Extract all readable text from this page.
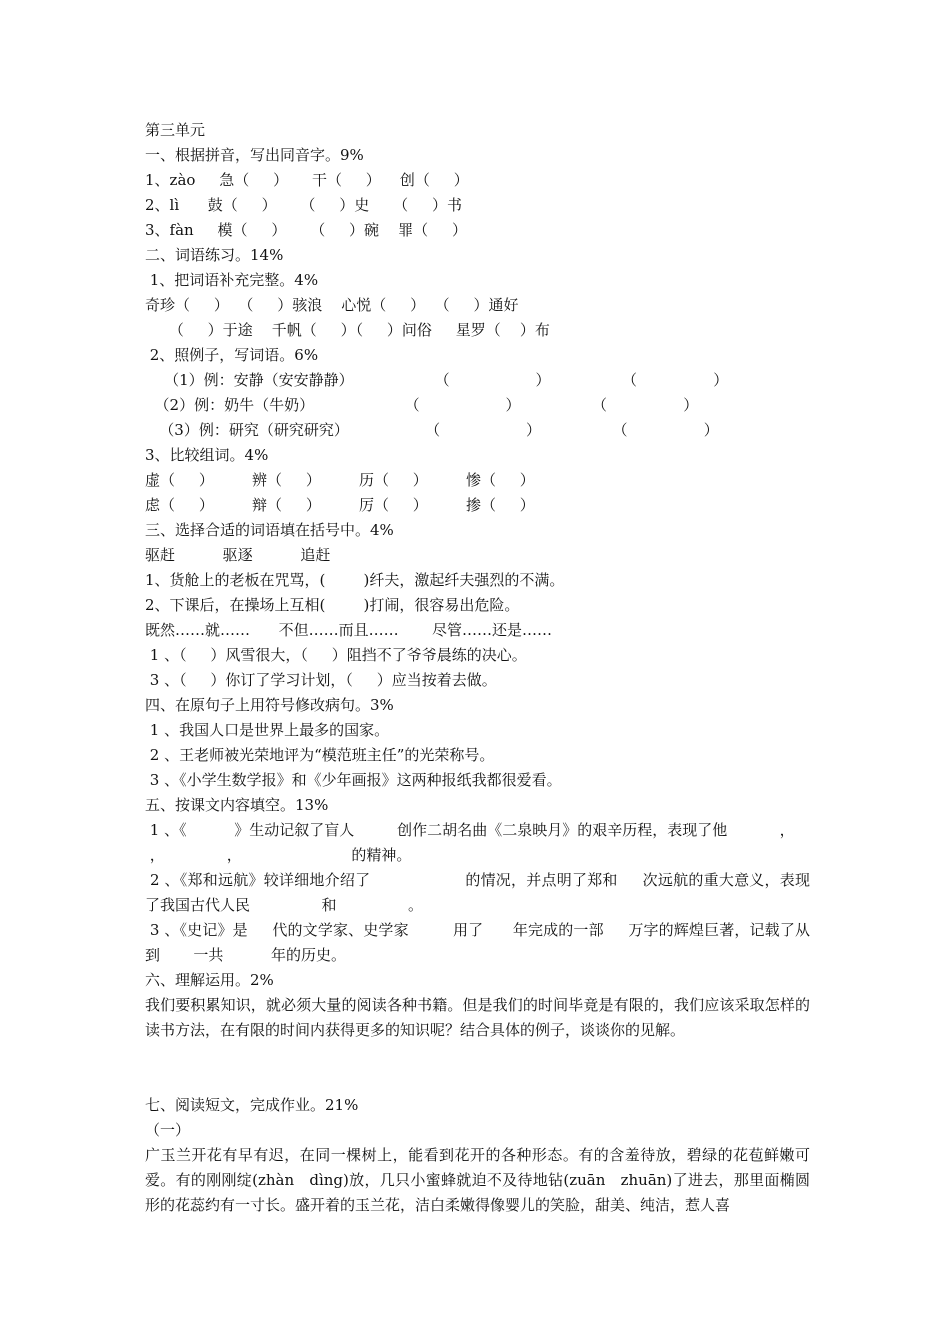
第三单元
一、根据拼音，写出同音字。9%
1、zào     急（     ）     干（     ）    创（     ）
2、lì      鼓（     ）     （     ）史     （     ）书
3、fàn     模（     ）     （     ）碗    罪（     ）
二、词语练习。14%
1、把词语补充完整。4%
奇珍（     ）  （     ）骇浪    心悦（     ）  （     ）通好
（     ）于途    千帆（     ）（     ）问俗     星罗（    ）布
2、照例子，写词语。6%
（1）例：安静（安安静静）                 （                  ）               （                ）
（2）例：奶牛（牛奶）                   （                  ）               （                ）
（3）例：研究（研究研究）                （                  ）               （                ）
3、比较组词。4%
虚（     ）        辨（     ）        历（     ）        惨（     ）
虑（     ）        辩（     ）        厉（     ）        掺（     ）
三、选择合适的词语填在括号中。4%
驱赶          驱逐          追赶
1、货舱上的老板在咒骂，(        )纤夫，激起纤夫强烈的不满。
2、下课后，在操场上互相(        )打闹，很容易出危险。
既然……就……      不但……而且……       尽管……还是……
1 、（     ）风雪很大，（     ）阻挡不了爷爷晨练的决心。
3 、（     ）你订了学习计划，（     ）应当按着去做。
四、在原句子上用符号修改病句。3%
1 、我国人口是世界上最多的国家。
2 、王老师被光荣地评为“模范班主任”的光荣称号。
3 、《小学生数学报》和《少年画报》这两种报纸我都很爱看。
五、按课文内容填空。13%
1 、《          》生动记叙了盲人         创作二胡名曲《二泉映月》的艰辛历程，表现了他           ，
，             ，                       的精神。
2 、《郑和远航》较详细地介绍了                   的情况，并点明了郑和     次远航的重大意义，表现了我国古代人民               和               。
3 、《史记》是     代的文学家、史学家         用了      年完成的一部     万字的辉煌巨著，记载了从到       一共          年的历史。
六、理解运用。2%
我们要积累知识，就必须大量的阅读各种书籍。但是我们的时间毕竟是有限的，我们应该采取怎样的读书方法，在有限的时间内获得更多的知识呢？结合具体的例子，谈谈你的见解。
七、阅读短文，完成作业。21%
（一）
广玉兰开花有早有迟，在同一棵树上，能看到花开的各种形态。有的含羞待放，碧绿的花苞鲜嫩可爱。有的刚刚绽(zhàn   dìng)放，几只小蜜蜂就迫不及待地钻(zuān   zhuān)了进去，那里面椭圆形的花蕊约有一寸长。盛开着的玉兰花，洁白柔嫩得像婴儿的笑脸，甜美、纯洁，惹人喜
